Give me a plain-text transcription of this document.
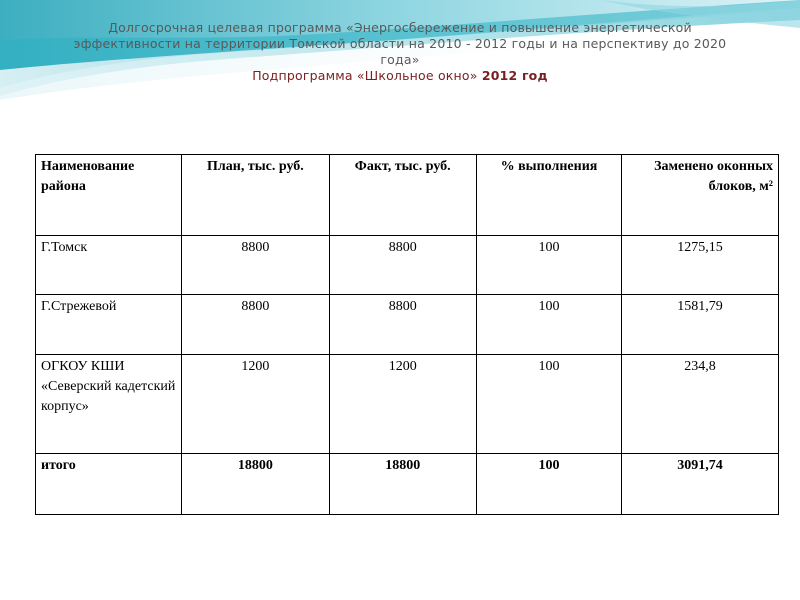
Долгосрочная целевая программа «Энергосбережение и повышение энергетической
эффективности на территории Томской области на 2010 - 2012 годы и на перспективу до 2020
года»
Подпрограмма «Школьное окно» 2012 год
Наименование района	План, тыс. руб.	Факт, тыс. руб.	% выполнения	Заменено оконных блоков, м²
Г.Томск	8800	8800	100	1275,15
Г.Стрежевой	8800	8800	100	1581,79
ОГКОУ КШИ «Северский кадетский корпус»	1200	1200	100	234,8
итого	18800	18800	100	3091,74
